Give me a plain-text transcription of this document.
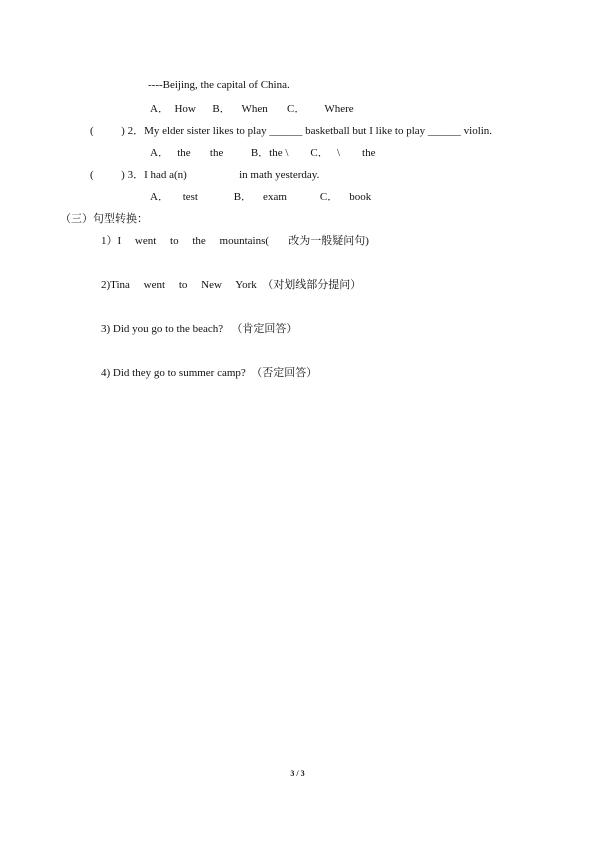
----Beijing, the capital of China.
A．  How      B．    When       C．       Where
(          ) 2．My elder sister likes to play ______ basketball but I like to play ______ violin.
A．   the       the          B．the \        C．   \        the
(          ) 3．I had a(n)                   in math yesterday.
A．     test             B．    exam            C．    book
（三）句型转换：
1）I     went     to     the     mountains(       改为一般疑问句)
2)Tina     went     to     New     York  （对划线部分提问）
3) Did you go to the beach?   （肯定回答）
4) Did they go to summer camp?  （否定回答）
3 / 3
